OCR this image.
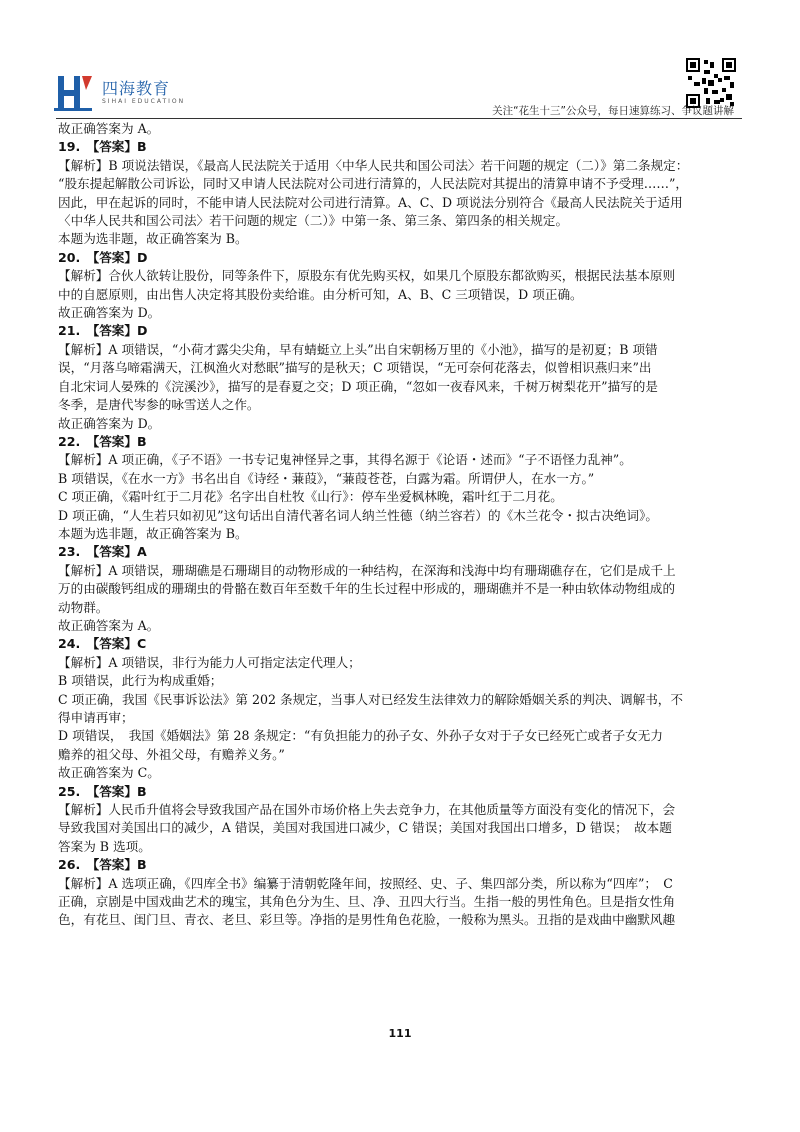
四海教育
SIHAI EDUCATION
关注“花生十三”公众号，每日速算练习、争议题讲解

故正确答案为 A。

19.　【答案】B

【解析】B 项说法错误，《最高人民法院关于适用〈中华人民共和国公司法〉若干问题的规定（二）》第二条规定：

“股东提起解散公司诉讼，同时又申请人民法院对公司进行清算的，人民法院对其提出的清算申请不予受理……”，

因此，甲在起诉的同时，不能申请人民法院对公司进行清算。A、C、D 项说法分别符合《最高人民法院关于适用

〈中华人民共和国公司法〉若干问题的规定（二）》中第一条、第三条、第四条的相关规定。

本题为选非题，故正确答案为 B。

20.　【答案】D

【解析】合伙人欲转让股份，同等条件下，原股东有优先购买权，如果几个原股东都欲购买，根据民法基本原则

中的自愿原则，由出售人决定将其股份卖给谁。由分析可知，A、B、C 三项错误，D 项正确。

故正确答案为 D。

21.　【答案】D

【解析】A 项错误，“小荷才露尖尖角，早有蜻蜓立上头”出自宋朝杨万里的《小池》，描写的是初夏；B 项错

误，“月落乌啼霜满天，江枫渔火对愁眠”描写的是秋天；C 项错误，“无可奈何花落去，似曾相识燕归来”出

自北宋词人晏殊的《浣溪沙》，描写的是春夏之交；D 项正确，“忽如一夜春风来，千树万树梨花开”描写的是

冬季，是唐代岑参的咏雪送人之作。

故正确答案为 D。

22.　【答案】B

【解析】A 项正确，《子不语》一书专记鬼神怪异之事，其得名源于《论语・述而》“子不语怪力乱神”。

B 项错误，《在水一方》书名出自《诗经・蒹葭》，“蒹葭苍苍，白露为霜。所谓伊人，在水一方。”

C 项正确，《霜叶红于二月花》名字出自杜牧《山行》：停车坐爱枫林晚，霜叶红于二月花。

D 项正确，“人生若只如初见”这句话出自清代著名词人纳兰性德（纳兰容若）的《木兰花令・拟古决绝词》。

本题为选非题，故正确答案为 B。

23.　【答案】A

【解析】A 项错误，珊瑚礁是石珊瑚目的动物形成的一种结构，在深海和浅海中均有珊瑚礁存在，它们是成千上

万的由碳酸钙组成的珊瑚虫的骨骼在数百年至数千年的生长过程中形成的，珊瑚礁并不是一种由软体动物组成的

动物群。

故正确答案为 A。

24.　【答案】C

【解析】A 项错误，非行为能力人可指定法定代理人；

B 项错误，此行为构成重婚；

C 项正确，我国《民事诉讼法》第 202 条规定，当事人对已经发生法律效力的解除婚姻关系的判决、调解书，不

得申请再审；

D 项错误，　我国《婚姻法》第 28 条规定：“有负担能力的孙子女、外孙子女对于子女已经死亡或者子女无力

赡养的祖父母、外祖父母，有赡养义务。”

故正确答案为 C。

25.　【答案】B

【解析】人民币升值将会导致我国产品在国外市场价格上失去竞争力，在其他质量等方面没有变化的情况下，会

导致我国对美国出口的减少，A 错误，美国对我国进口减少，C 错误；美国对我国出口增多，D 错误；　故本题

答案为 B 选项。

26.　【答案】B

【解析】A 选项正确，《四库全书》编纂于清朝乾隆年间，按照经、史、子、集四部分类，所以称为“四库”；　C

正确，京剧是中国戏曲艺术的瑰宝，其角色分为生、旦、净、丑四大行当。生指一般的男性角色。旦是指女性角

色，有花旦、闺门旦、青衣、老旦、彩旦等。净指的是男性角色花脸，一般称为黑头。丑指的是戏曲中幽默风趣

111
